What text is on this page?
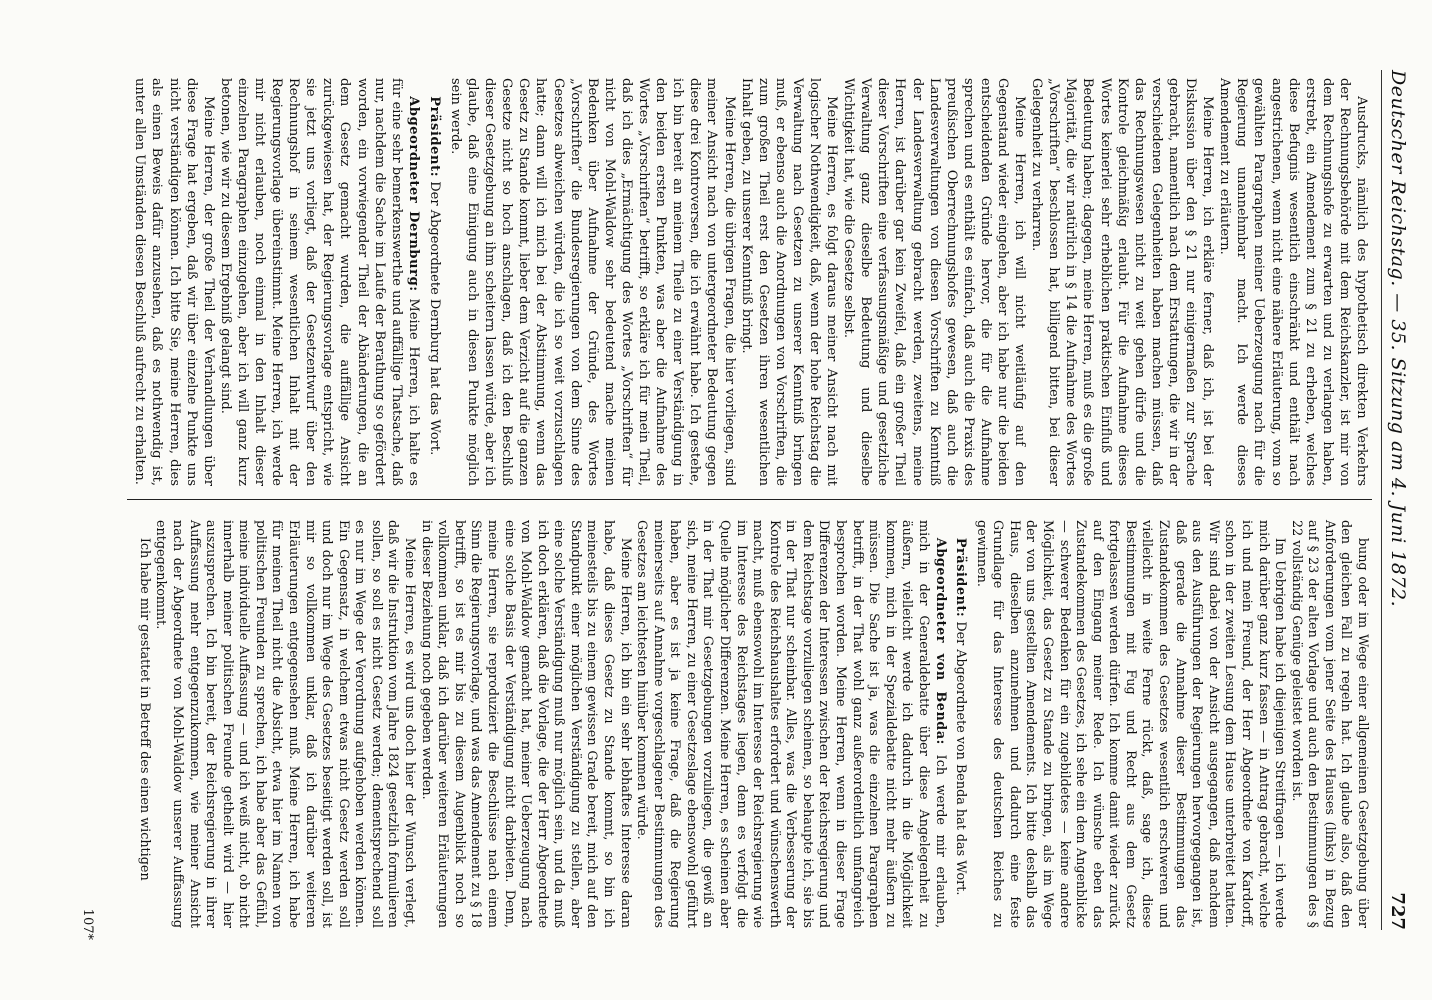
Deutscher Reichstag. — 35. Sitzung am 4. Juni 1872.
727

Ausdrucks, nämlich des hypothetisch direkten Verkehrs der Rechnungsbehörde mit dem Reichskanzler, ist mir von dem Rechnungshofe zu erwarten und zu verlangen haben, erstrebt, ein Amendement zum § 21 zu erheben, welches diese Befugnis wesentlich einschränkt und enthält nach angestrichenen, wenn nicht eine nähere Erläuterung, vom so gewählten Paragraphen meiner Ueberzeugung nach für die Regierung unannehmbar macht. Ich werde dieses Amendement zu erläutern.

Meine Herren, ich erkläre ferner, daß ich, ist bei der Diskussion über den § 21 nur einigermaßen zur Sprache gebracht, namentlich nach dem Erstattungen, die wir in der verschiedenen Gelegenheiten haben machen müssen, daß das Rechnungswesen nicht zu weit gehen dürfe und die Kontrole gleichmäßig erlaubt. Für die Aufnahme dieses Wortes keinerlei sehr erheblichen praktischen Einfluß und Bedeutung haben; dagegen, meine Herren, muß es die große Majorität, die wir natürlich in § 14 die Aufnahme des Wortes „Vorschriften“ beschlossen hat, billigend bitten, bei dieser Gelegenheit zu verharren.

Meine Herren, ich will nicht weitläufig auf den Gegenstand wieder eingehen, aber ich habe nur die beiden entscheidenden Gründe hervor, die für die Aufnahme sprechen und es enthält es einfach, daß auch die Praxis des preußischen Oberrechnungshofes gewesen, daß auch die Landesverwaltungen von diesen Vorschriften zu Kenntniß der Landesverwaltung gebracht werden, zweitens, meine Herren, ist darüber gar kein Zweifel, daß ein großer Theil dieser Vorschriften eine verfassungsmäßige und gesetzliche Verwaltung ganz dieselbe Bedeutung und dieselbe Wichtigkeit hat, wie die Gesetze selbst.

Meine Herren, es folgt daraus meiner Ansicht nach mit logischer Nothwendigkeit, daß, wenn der hohe Reichstag die Verwaltung nach Gesetzen zu unserer Kenntniß bringen muß, er ebenso auch die Anordnungen von Vorschriften, die zum großen Theil erst den Gesetzen ihren wesentlichen Inhalt geben, zu unserer Kenntniß bringt.

Meine Herren, die übrigen Fragen, die hier vorliegen, sind meiner Ansicht nach von untergeordneter Bedeutung gegen diese drei Kontroversen, die ich erwähnt habe. Ich gestehe, ich bin bereit an meinem Theile zu einer Verständigung in den beiden ersten Punkten, was aber die Aufnahme des Wortes „Vorschriften“ betrifft, so erkläre ich für mein Theil, daß ich dies „Ermächtigung des Wortes „Vorschriften“ für nicht von Mohl-Waldow sehr bedeutend mache meinen Bedenken über Aufnahme der Gründe, des Wortes „Vorschriften“ die Bundesregierungen von dem Sinne des Gesetzes abweichen würden, die ich so weit vorzuschlagen hatte; dann will ich mich bei der Abstimmung, wenn das Gesetz zu Stande kommt, lieber dem Verzicht auf die ganzen Gesetze nicht so hoch anschlagen, daß ich den Beschluß dieser Gesetzgebung an ihm scheitern lassen würde, aber ich glaube, daß eine Einigung auch in diesen Punkte möglich sein werde.

Präsident: Der Abgeordnete Dernburg hat das Wort.

Abgeordneter Dernburg: Meine Herren, ich halte es für eine sehr bemerkenswerthe und auffällige Thatsache, daß nur, nachdem die Sache im Laufe der Berathung so gefördert worden, ein vorwiegender Theil der Abänderungen, die an dem Gesetz gemacht wurden, die auffällige Ansicht zurückgewiesen hat, der Regierungsvorlage entspricht, wie sie jetzt uns vorliegt, daß der Gesetzentwurf über den Rechnungshof in seinem wesentlichen Inhalt mit der Regierungsvorlage übereinstimmt. Meine Herren, ich werde mir nicht erlauben, noch einmal in den Inhalt dieser einzelnen Paragraphen einzugehen, aber ich will ganz kurz betonen, wie wir zu diesem Ergebniß gelangt sind.

Meine Herren, der große Theil der Verhandlungen über diese Frage hat ergeben, daß wir über einzelne Punkte uns nicht verständigen können. Ich bitte Sie, meine Herren, dies als einen Beweis dafür anzusehen, daß es nothwendig ist, unter allen Umständen diesen Beschluß aufrecht zu erhalten.

bung oder im Wege einer allgemeinen Gesetzgebung über den gleichen Fall zu regeln hat. Ich glaube also, daß den Anforderungen vom jener Seite des Hauses (links) in Bezug auf § 23 der alten Vorlage und auch den Bestimmungen des § 22 vollständig Genüge geleistet worden ist.

Im Uebrigen habe ich diejenigen Streitfragen — ich werde mich darüber ganz kurz fassen — in Antrag gebracht, welche ich und mein Freund, der Herr Abgeordnete von Kardorff, schon in der zweiten Lesung dem Hause unterbreitet hatten. Wir sind dabei von der Ansicht ausgegangen, daß nachdem aus den Ausführungen der Regierungen hervorgegangen ist, daß gerade die Annahme dieser Bestimmungen das Zustandekommen des Gesetzes wesentlich erschweren und vielleicht in weite Ferne rückt, daß, sage ich, diese Bestimmungen mit Fug und Recht aus dem Gesetz fortgelassen werden dürfen. Ich komme damit wieder zurück auf den Eingang meiner Rede. Ich wünsche eben das Zustandekommen des Gesetzes, ich sehe ein dem Angenblicke — schwerer Bedenken für ein zugebildetes — keine andere Möglichkeit, das Gesetz zu Stande zu bringen, als im Wege der von uns gestellten Amendements. Ich bitte deshalb das Haus, dieselben anzunehmen und dadurch eine feste Grundlage für das Interesse des deutschen Reiches zu gewinnen.

Präsident: Der Abgeordnete von Benda hat das Wort.

Abgeordneter von Benda: Ich werde mir erlauben, mich in der Generaldebatte über diese Angelegenheit zu äußern, vielleicht werde ich dadurch in die Möglichkeit kommen, mich in der Spezialdebatte nicht mehr äußern zu müssen. Die Sache ist ja, was die einzelnen Paragraphen betrifft, in der That wohl ganz außerordentlich umfangreich besprochen worden. Meine Herren, wenn in dieser Frage Differenzen der Interessen zwischen der Reichsregierung und dem Reichstage vorzuliegen scheinen, so behaupte ich, sie bis in der That nur scheinbar. Alles, was die Verbesserung der Kontrole des Reichshaushaltes erfordert und wünschenswerth macht, muß ebensowohl im Interesse der Reichsregierung wie im Interesse des Reichstages liegen, denn es verfolgt die Quelle möglicher Differenzen. Meine Herren, es scheinen aber in der That mir Gesetzgebungen vorzuliegen, die gewiß an sich, meine Herren, zu einer Gesetzeslage ebensowohl geführt haben, aber es ist ja keine Frage, daß die Regierung meinerseits auf Annahme vorgeschlagener Bestimmungen des Gesetzes am leichtesten hinüber kommen würde.

Meine Herren, ich bin ein sehr lebhaftes Interesse daran habe, daß dieses Gesetz zu Stande kommt, so bin ich meinesteils bis zu einem gewissen Grade bereit, mich auf den Standpunkt einer möglichen Verständigung zu stellen, aber eine solche Verständigung muß nur möglich sein, und da muß ich doch erklären, daß die Vorlage, die der Herr Abgeordnete von Mohl-Waldow gemacht hat, meiner Ueberzeugung nach eine solche Basis der Verständigung nicht darbieten. Denn, meine Herren, sie reproduziert die Beschlüsse nach einem Sinn die Regierungsvorlage, und was das Amendement zu § 18 betrifft, so ist es mir bis zu diesem Augenblick noch so vollkommen unklar, daß ich darüber weiteren Erläuterungen in dieser Beziehung noch gegeben werden.

Meine Herren, es wird uns doch hier der Wunsch verlegt, daß wir die Instruktion vom Jahre 1824 gesetzlich formulieren sollen, so soll es nicht Gesetz werden; dementsprechend soll es nur im Wege der Verordnung aufgehoben werden können. Ein Gegensatz, in welchem etwas nicht Gesetz werden soll und doch nur im Wege des Gesetzes beseitigt werden soll, ist mir so vollkommen unklar, daß ich darüber weiteren Erläuterungen entgegensehen muß. Meine Herren, ich habe für meinen Theil nicht die Absicht, etwa hier im Namen von politischen Freunden zu sprechen, ich habe aber das Gefühl, meine individuelle Auffassung — und ich weiß nicht, ob nicht innerhalb meiner politischen Freunde getheilt wird — hier auszusprechen. Ich bin bereit, der Reichsregierung in ihrer Auffassung mehr entgegenzukommen, wie meiner Ansicht nach der Abgeordnete von Mohl-Waldow unserer Auffassung entgegenkommt.

Ich habe mir gestattet in Betreff des einen wichtigen

107*
